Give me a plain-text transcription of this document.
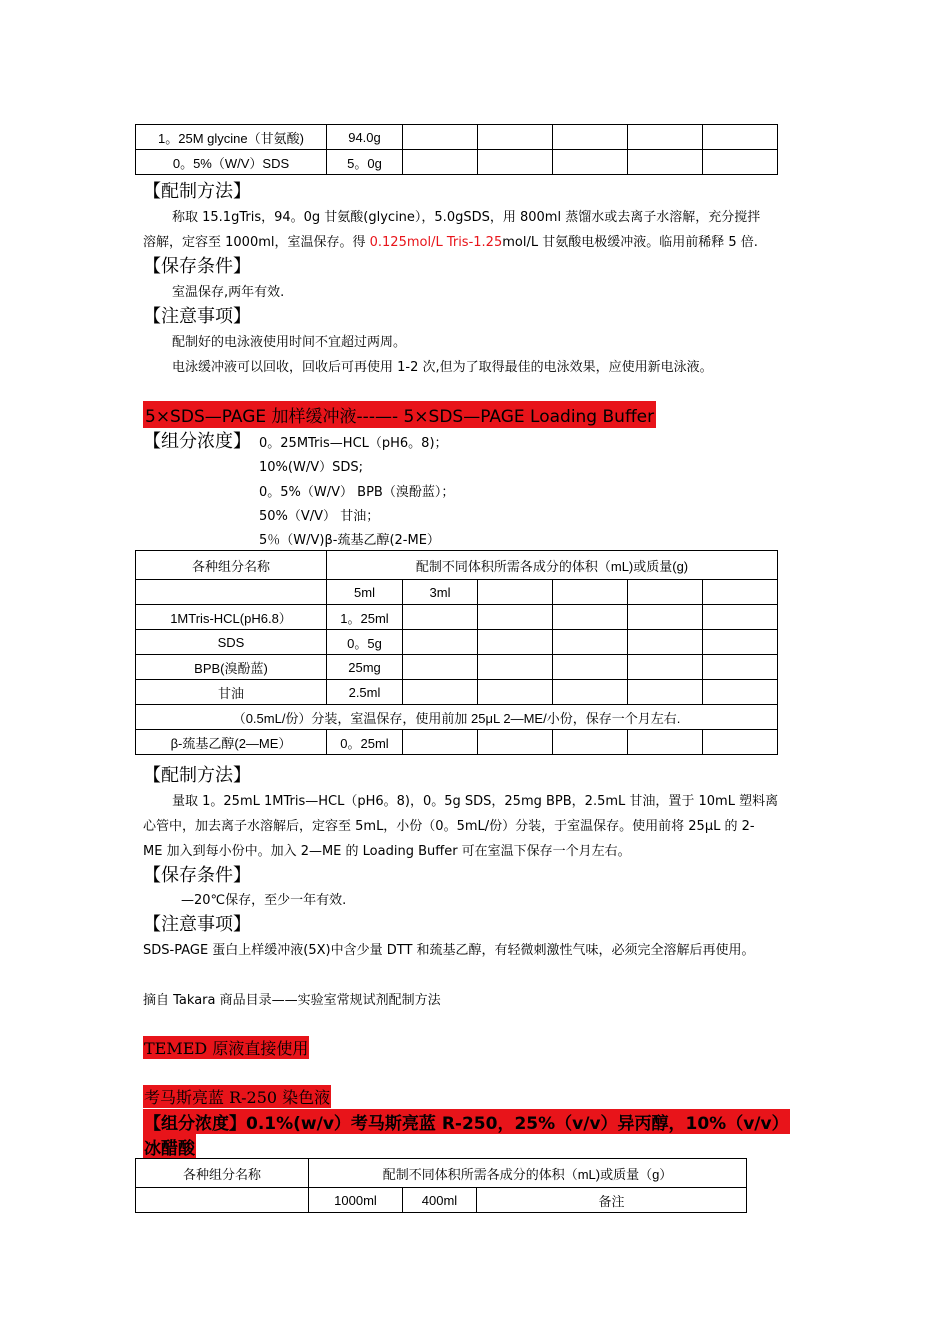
1。25M glycine（甘氨酸)	94.0g					
0。5%（W/V）SDS	5。0g					
【配制方法】
称取 15.1gTris，94。0g 甘氨酸(glycine），5.0gSDS，用 800ml 蒸馏水或去离子水溶解，充分搅拌
溶解，定容至 1000ml，室温保存。得 0.125mol/L Tris-1.25mol/L 甘氨酸电极缓冲液。临用前稀释 5 倍.
【保存条件】
室温保存,两年有效.
【注意事项】
配制好的电泳液使用时间不宜超过两周。
电泳缓冲液可以回收，回收后可再使用 1-2 次,但为了取得最佳的电泳效果，应使用新电泳液。
5×SDS—PAGE 加样缓冲液---—- 5×SDS—PAGE Loading Buffer
【组分浓度】 0。25MTris—HCL（pH6。8)；
10%(W/V）SDS;
0。5%（W/V） BPB（溴酚蓝）；
50%（V/V） 甘油；
5％（W/V)β-巯基乙醇(2-ME）
各种组分名称	配制不同体积所需各成分的体积（mL)或质量(g)					
	5ml	3ml				
1MTris-HCL(pH6.8）	1。25ml					
SDS	0。5g					
BPB(溴酚蓝)	25mg					
甘油	2.5ml					
（0.5mL/份）分装，室温保存，使用前加 25μL 2—ME/小份，保存一个月左右.						
β-巯基乙醇(2—ME）	0。25ml					
【配制方法】
量取 1。25mL 1MTris—HCL（pH6。8)，0。5g SDS，25mg BPB，2.5mL 甘油，置于 10mL 塑料离
心管中，加去离子水溶解后，定容至 5mL，小份（0。5mL/份）分装，于室温保存。使用前将 25μL 的 2-
ME 加入到每小份中。加入 2—ME 的 Loading Buffer 可在室温下保存一个月左右。
【保存条件】
—20℃保存，至少一年有效.
【注意事项】
SDS-PAGE 蛋白上样缓冲液(5X)中含少量 DTT 和巯基乙醇，有轻微刺激性气味，必须完全溶解后再使用。
摘自 Takara 商品目录——实验室常规试剂配制方法
TEMED 原液直接使用
考马斯亮蓝 R-250 染色液
【组分浓度】0.1%(w/v）考马斯亮蓝 R-250，25%（v/v）异丙醇，10%（v/v）
冰醋酸
各种组分名称	配制不同体积所需各成分的体积（mL)或质量（g）		
	1000ml	400ml	备注
